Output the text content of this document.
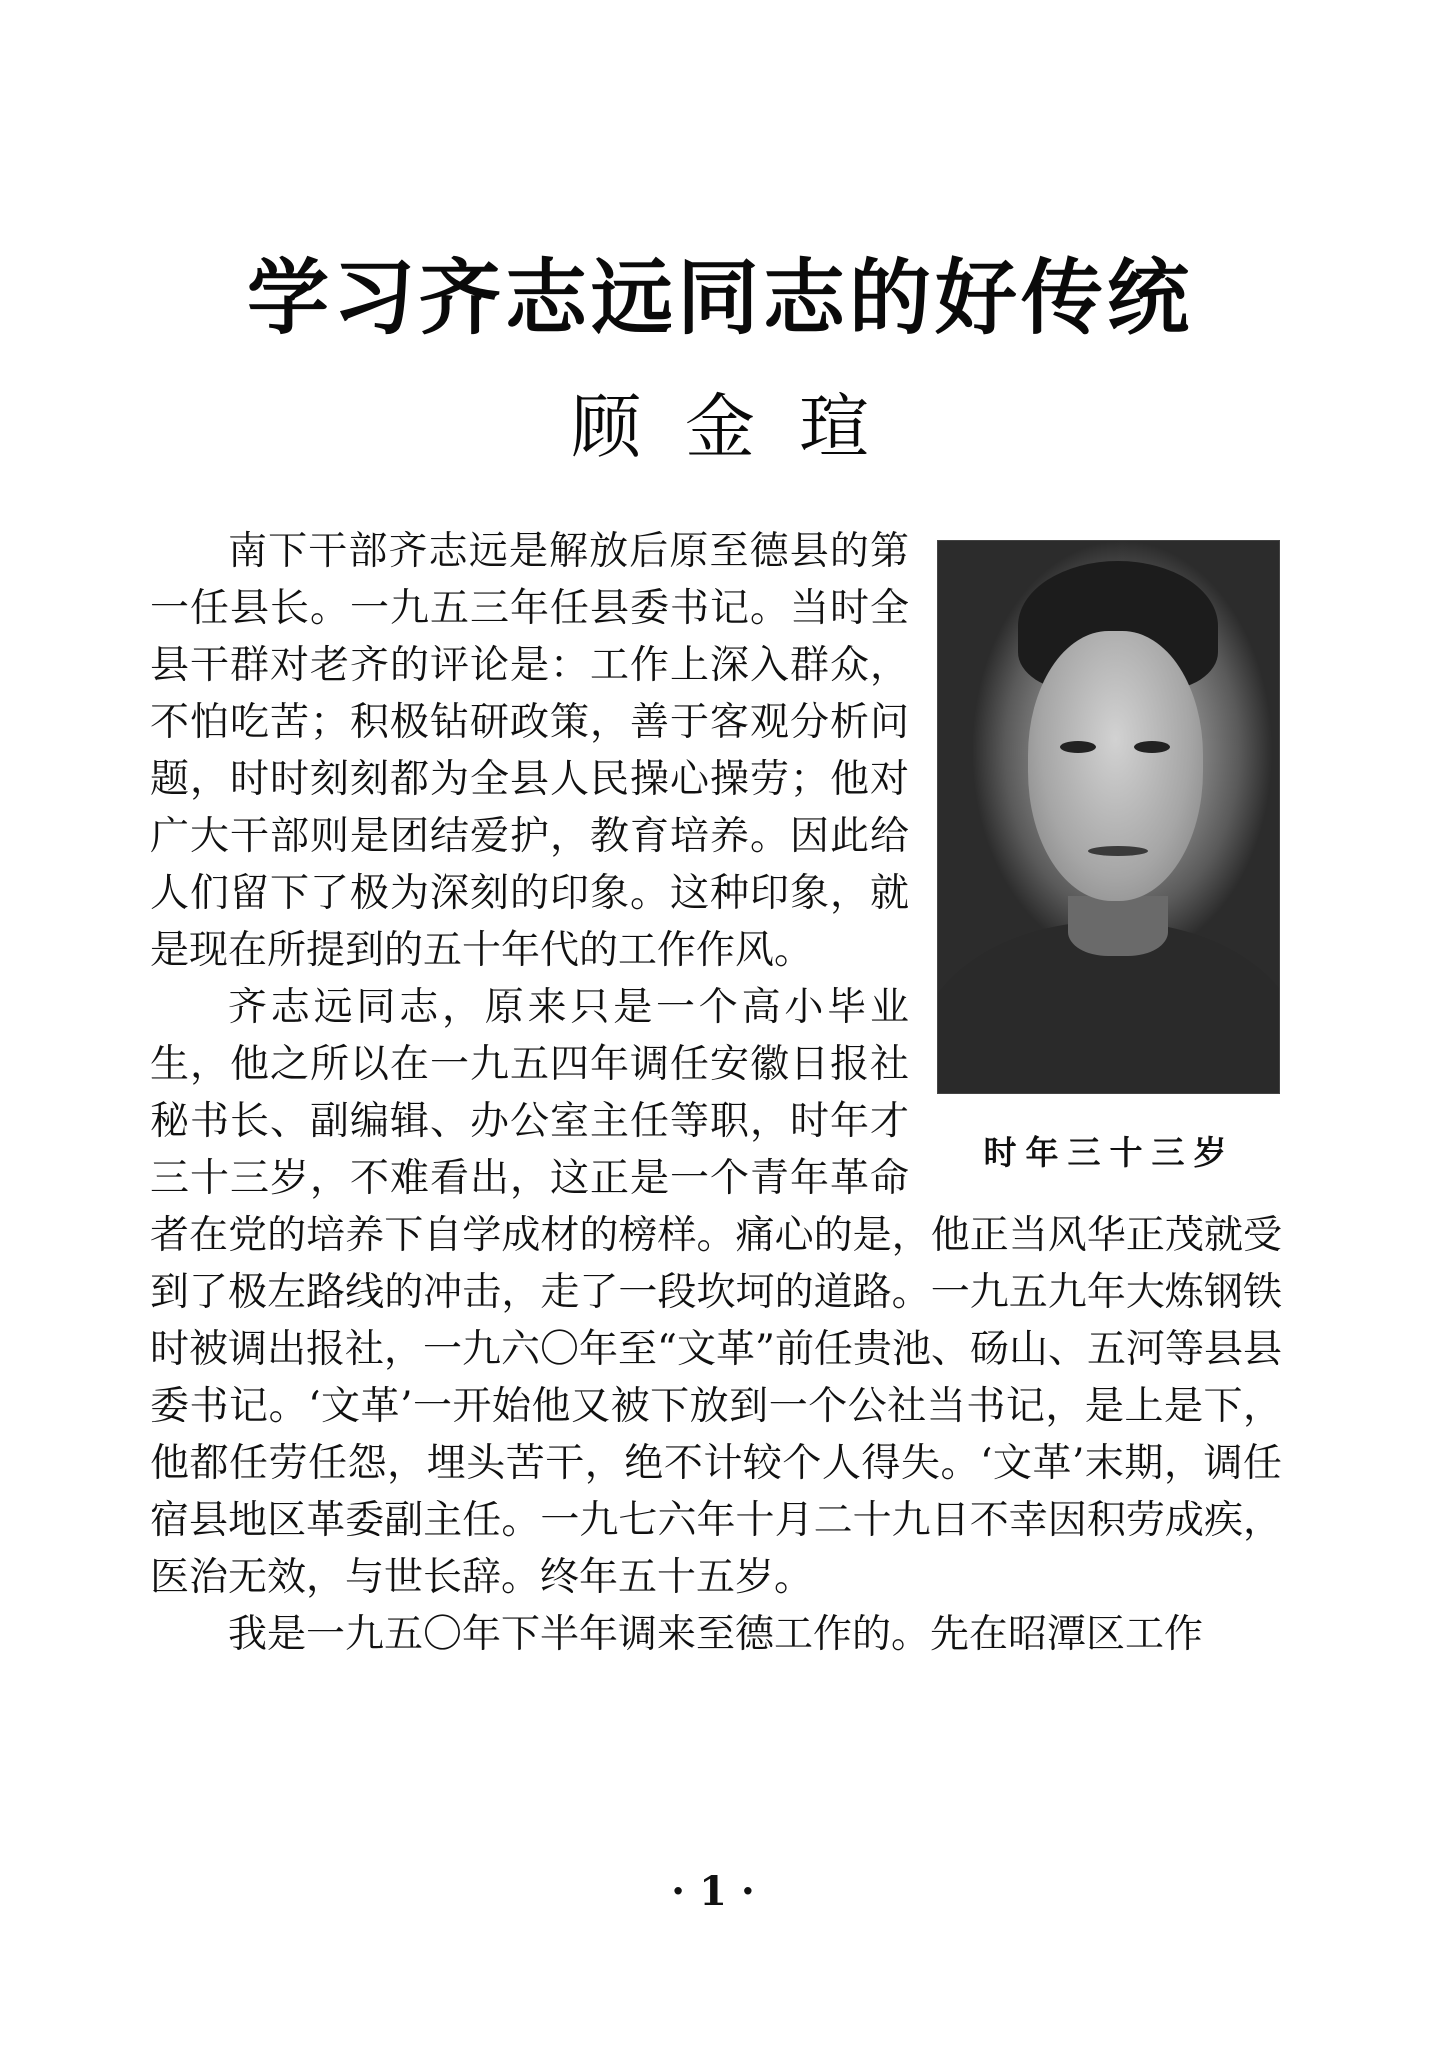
学习齐志远同志的好传统
顾金瑄
时年三十三岁

南下干部齐志远是解放后原至德县的第一任县长。一九五三年任县委书记。当时全县干群对老齐的评论是：工作上深入群众，不怕吃苦；积极钻研政策，善于客观分析问题，时时刻刻都为全县人民操心操劳；他对广大干部则是团结爱护，教育培养。因此给人们留下了极为深刻的印象。这种印象，就是现在所提到的五十年代的工作作风。

齐志远同志，原来只是一个高小毕业生，他之所以在一九五四年调任安徽日报社秘书长、副编辑、办公室主任等职，时年才三十三岁，不难看出，这正是一个青年革命者在党的培养下自学成材的榜样。痛心的是，他正当风华正茂就受到了极左路线的冲击，走了一段坎坷的道路。一九五九年大炼钢铁时被调出报社，一九六〇年至“文革”前任贵池、砀山、五河等县县委书记。‘文革’一开始他又被下放到一个公社当书记，是上是下，他都任劳任怨，埋头苦干，绝不计较个人得失。‘文革’末期，调任宿县地区革委副主任。一九七六年十月二十九日不幸因积劳成疾，医治无效，与世长辞。终年五十五岁。

我是一九五〇年下半年调来至德工作的。先在昭潭区工作

·1·
